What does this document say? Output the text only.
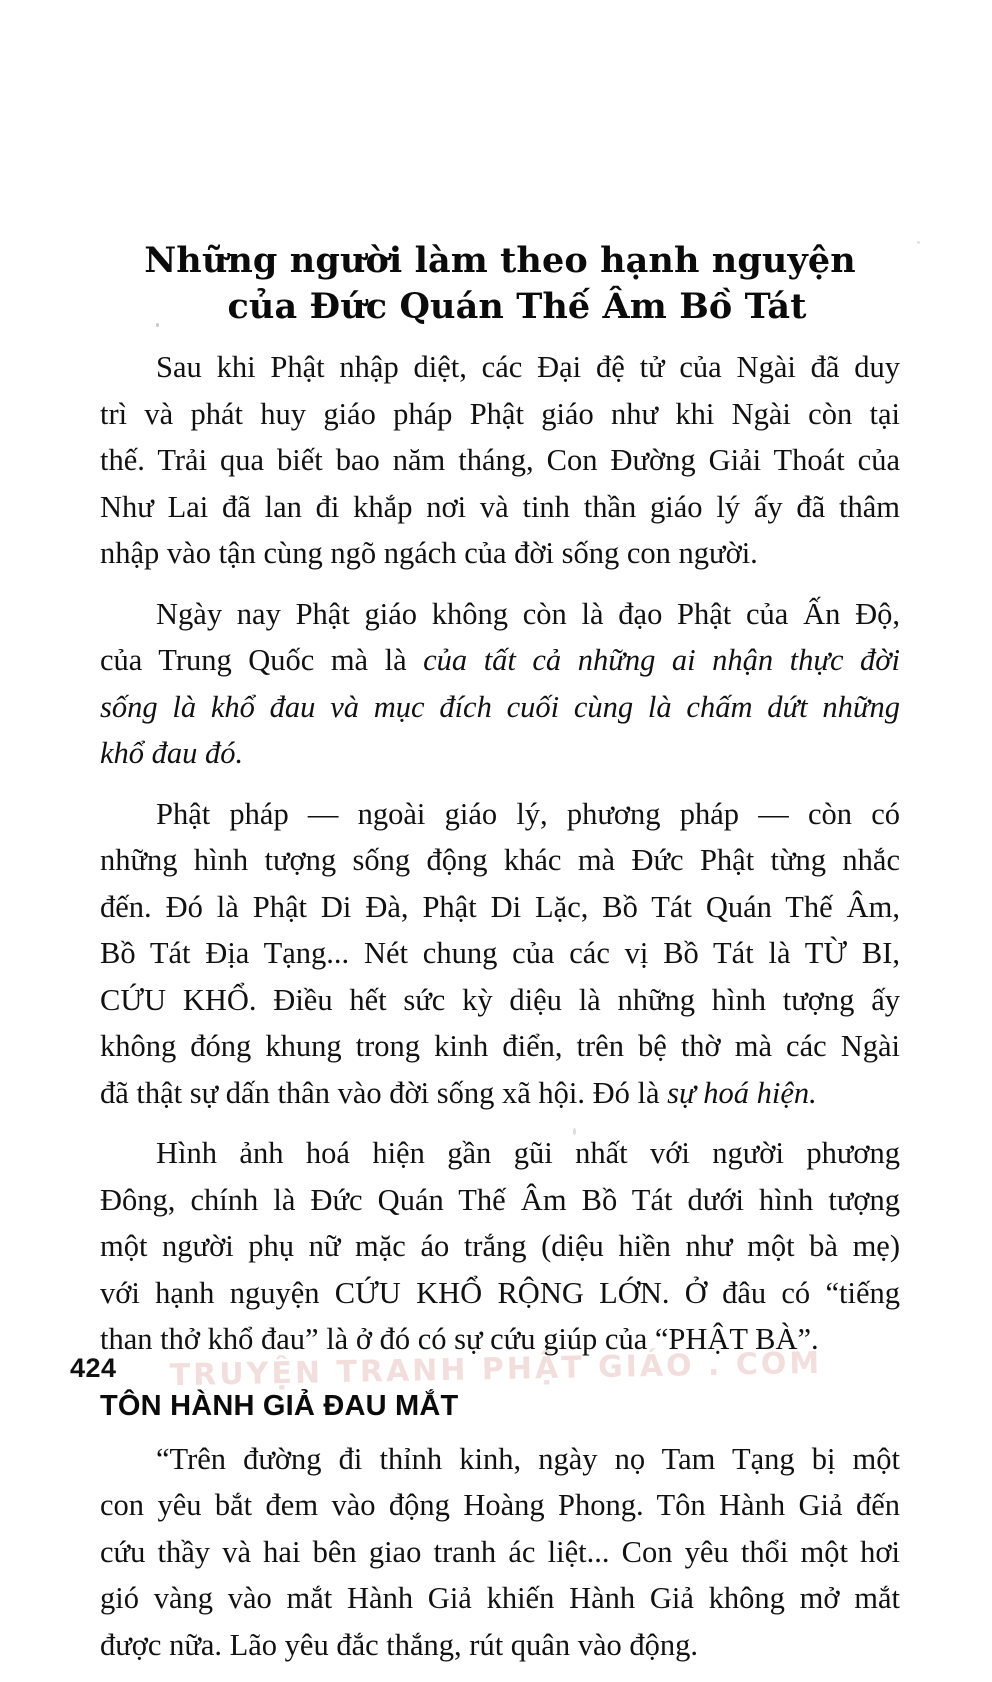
Những người làm theo hạnh nguyện
của Đức Quán Thế Âm Bồ Tát

Sau khi Phật nhập diệt, các Đại đệ tử của Ngài đã duy
trì và phát huy giáo pháp Phật giáo như khi Ngài còn tại
thế. Trải qua biết bao năm tháng, Con Đường Giải Thoát của
Như Lai đã lan đi khắp nơi và tinh thần giáo lý ấy đã thâm
nhập vào tận cùng ngõ ngách của đời sống con người.

Ngày nay Phật giáo không còn là đạo Phật của Ấn Độ,
của Trung Quốc mà là của tất cả những ai nhận thực đời
sống là khổ đau và mục đích cuối cùng là chấm dứt những
khổ đau đó.

Phật pháp — ngoài giáo lý, phương pháp — còn có
những hình tượng sống động khác mà Đức Phật từng nhắc
đến. Đó là Phật Di Đà, Phật Di Lặc, Bồ Tát Quán Thế Âm,
Bồ Tát Địa Tạng... Nét chung của các vị Bồ Tát là TỪ BI,
CỨU KHỔ. Điều hết sức kỳ diệu là những hình tượng ấy
không đóng khung trong kinh điển, trên bệ thờ mà các Ngài
đã thật sự dấn thân vào đời sống xã hội. Đó là sự hoá hiện.

Hình ảnh hoá hiện gần gũi nhất với người phương
Đông, chính là Đức Quán Thế Âm Bồ Tát dưới hình tượng
một người phụ nữ mặc áo trắng (diệu hiền như một bà mẹ)
với hạnh nguyện CỨU KHỔ RỘNG LỚN. Ở đâu có “tiếng
than thở khổ đau” là ở đó có sự cứu giúp của “PHẬT BÀ”.

TÔN HÀNH GIẢ ĐAU MẮT

“Trên đường đi thỉnh kinh, ngày nọ Tam Tạng bị một
con yêu bắt đem vào động Hoàng Phong. Tôn Hành Giả đến
cứu thầy và hai bên giao tranh ác liệt... Con yêu thổi một hơi
gió vàng vào mắt Hành Giả khiến Hành Giả không mở mắt
được nữa. Lão yêu đắc thắng, rút quân vào động.

424	TRUYỆN TRANH PHẬT GIÁO . COM
